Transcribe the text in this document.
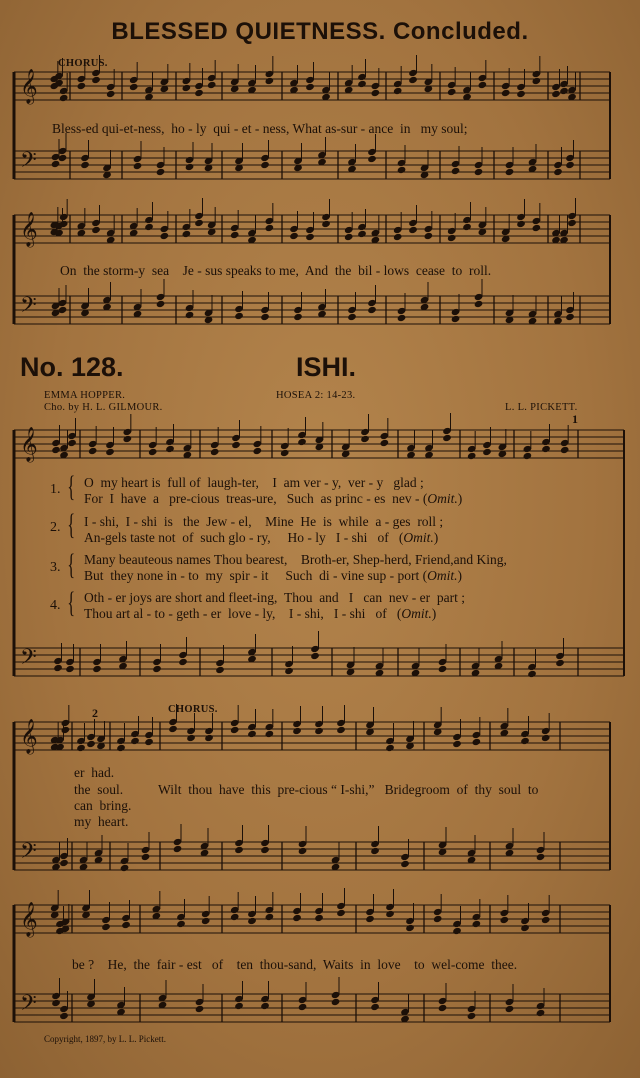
BLESSED QUIETNESS. Concluded.
𝄞
𝄢
𝄞
𝄢
𝄞
𝄢
𝄞
𝄢
𝄞
𝄢
CHORUS.
Bless-ed qui-et-ness,  ho - ly  qui - et - ness, What as-sur - ance  in   my soul;
On  the storm-y  sea    Je - sus speaks to me,  And  the  bil - lows  cease  to  roll.
No. 128.	ISHI.
EMMA HOPPER.
Cho. by H. L. GILMOUR.
HOSEA 2: 14-23.
L. L. PICKETT.
1
1. { O  my heart is  full of  laugh-ter,    I  am ver - y,  ver - y   glad ;
For  I  have  a   pre-cious  treas-ure,   Such  as princ - es  nev - (Omit.)
2. { I - shi,  I - shi  is   the  Jew - el,    Mine  He  is  while  a - ges  roll ;
An-gels taste not  of  such glo - ry,     Ho - ly   I - shi   of   (Omit.)
3. { Many beauteous names Thou bearest,    Broth-er, Shep-herd, Friend,and King,
But  they none in - to  my  spir - it     Such  di - vine sup - port (Omit.)
4. { Oth - er joys are short and fleet-ing,  Thou  and   I   can  nev - er  part ;
Thou art al - to - geth - er  love - ly,    I - shi,   I - shi   of   (Omit.)
2	CHORUS.
er  had.
the  soul.
can  bring.
my  heart.
Wilt  thou  have  this  pre-cious “ I-shi,”   Bridegroom  of  thy  soul  to
be ?    He,  the  fair - est   of    ten  thou-sand,  Waits  in  love    to  wel-come  thee.
Copyright, 1897, by L. L. Pickett.
